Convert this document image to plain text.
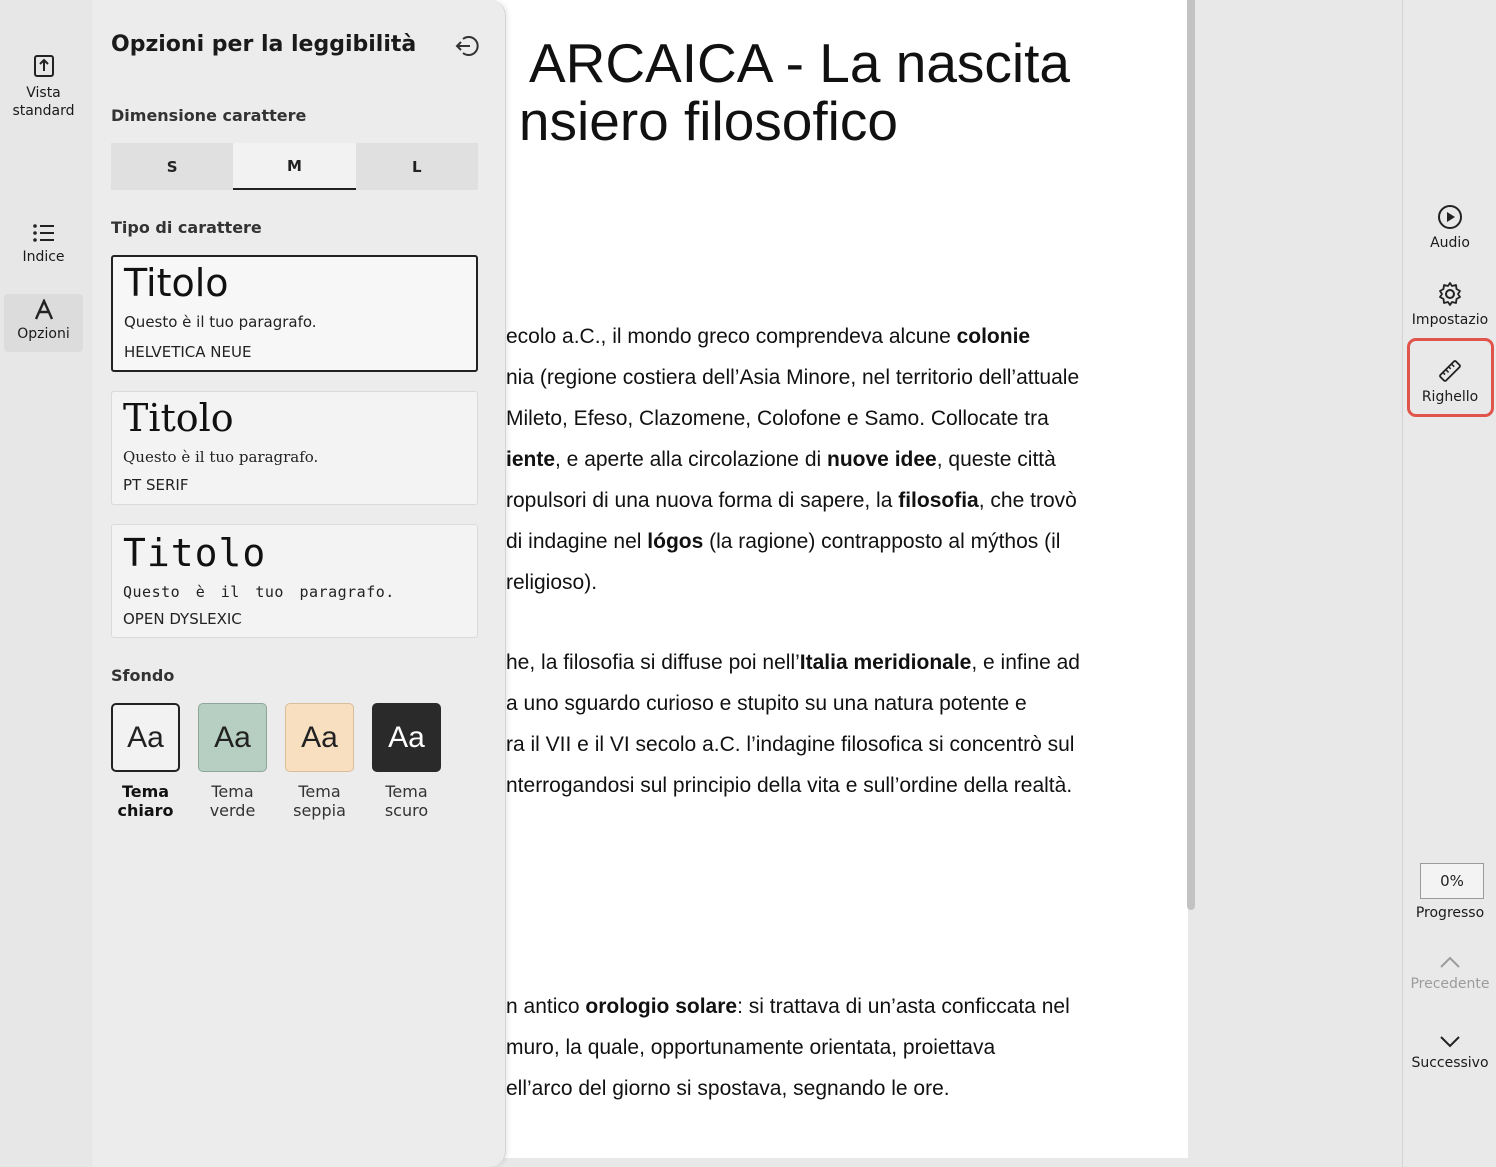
ARCAICA - La nascita
nsiero filosofico

ecolo a.C., il mondo greco comprendeva alcune colonie

nia (regione costiera dell’Asia Minore, nel territorio dell’attuale

Mileto, Efeso, Clazomene, Colofone e Samo. Collocate tra

iente, e aperte alla circolazione di nuove idee, queste città

ropulsori di una nuova forma di sapere, la filosofia, che trovò

di indagine nel lógos (la ragione) contrapposto al mýthos (il

religioso).

he, la filosofia si diffuse poi nell’Italia meridionale, e infine ad

a uno sguardo curioso e stupito su una natura potente e

ra il VII e il VI secolo a.C. l’indagine filosofica si concentrò sul

nterrogandosi sul principio della vita e sull’ordine della realtà.

n antico orologio solare: si trattava di un’asta conficcata nel

muro, la quale, opportunamente orientata, proiettava

ell’arco del giorno si spostava, segnando le ore.

Vista standard
Indice
Opzioni
Opzioni per la leggibilità
Dimensione carattere
S	M	L
Tipo di carattere
Titolo
Questo è il tuo paragrafo.
HELVETICA NEUE
Titolo
Questo è il tuo paragrafo.
PT SERIF
Titolo
Questo è il tuo paragrafo.
OPEN DYSLEXIC
Sfondo
Aa
Tema
chiaro
Aa
Tema
verde
Aa
Tema
seppia
Aa
Tema
scuro
Audio
Impostazio
Righello
0%
Progresso
Precedente
Successivo
